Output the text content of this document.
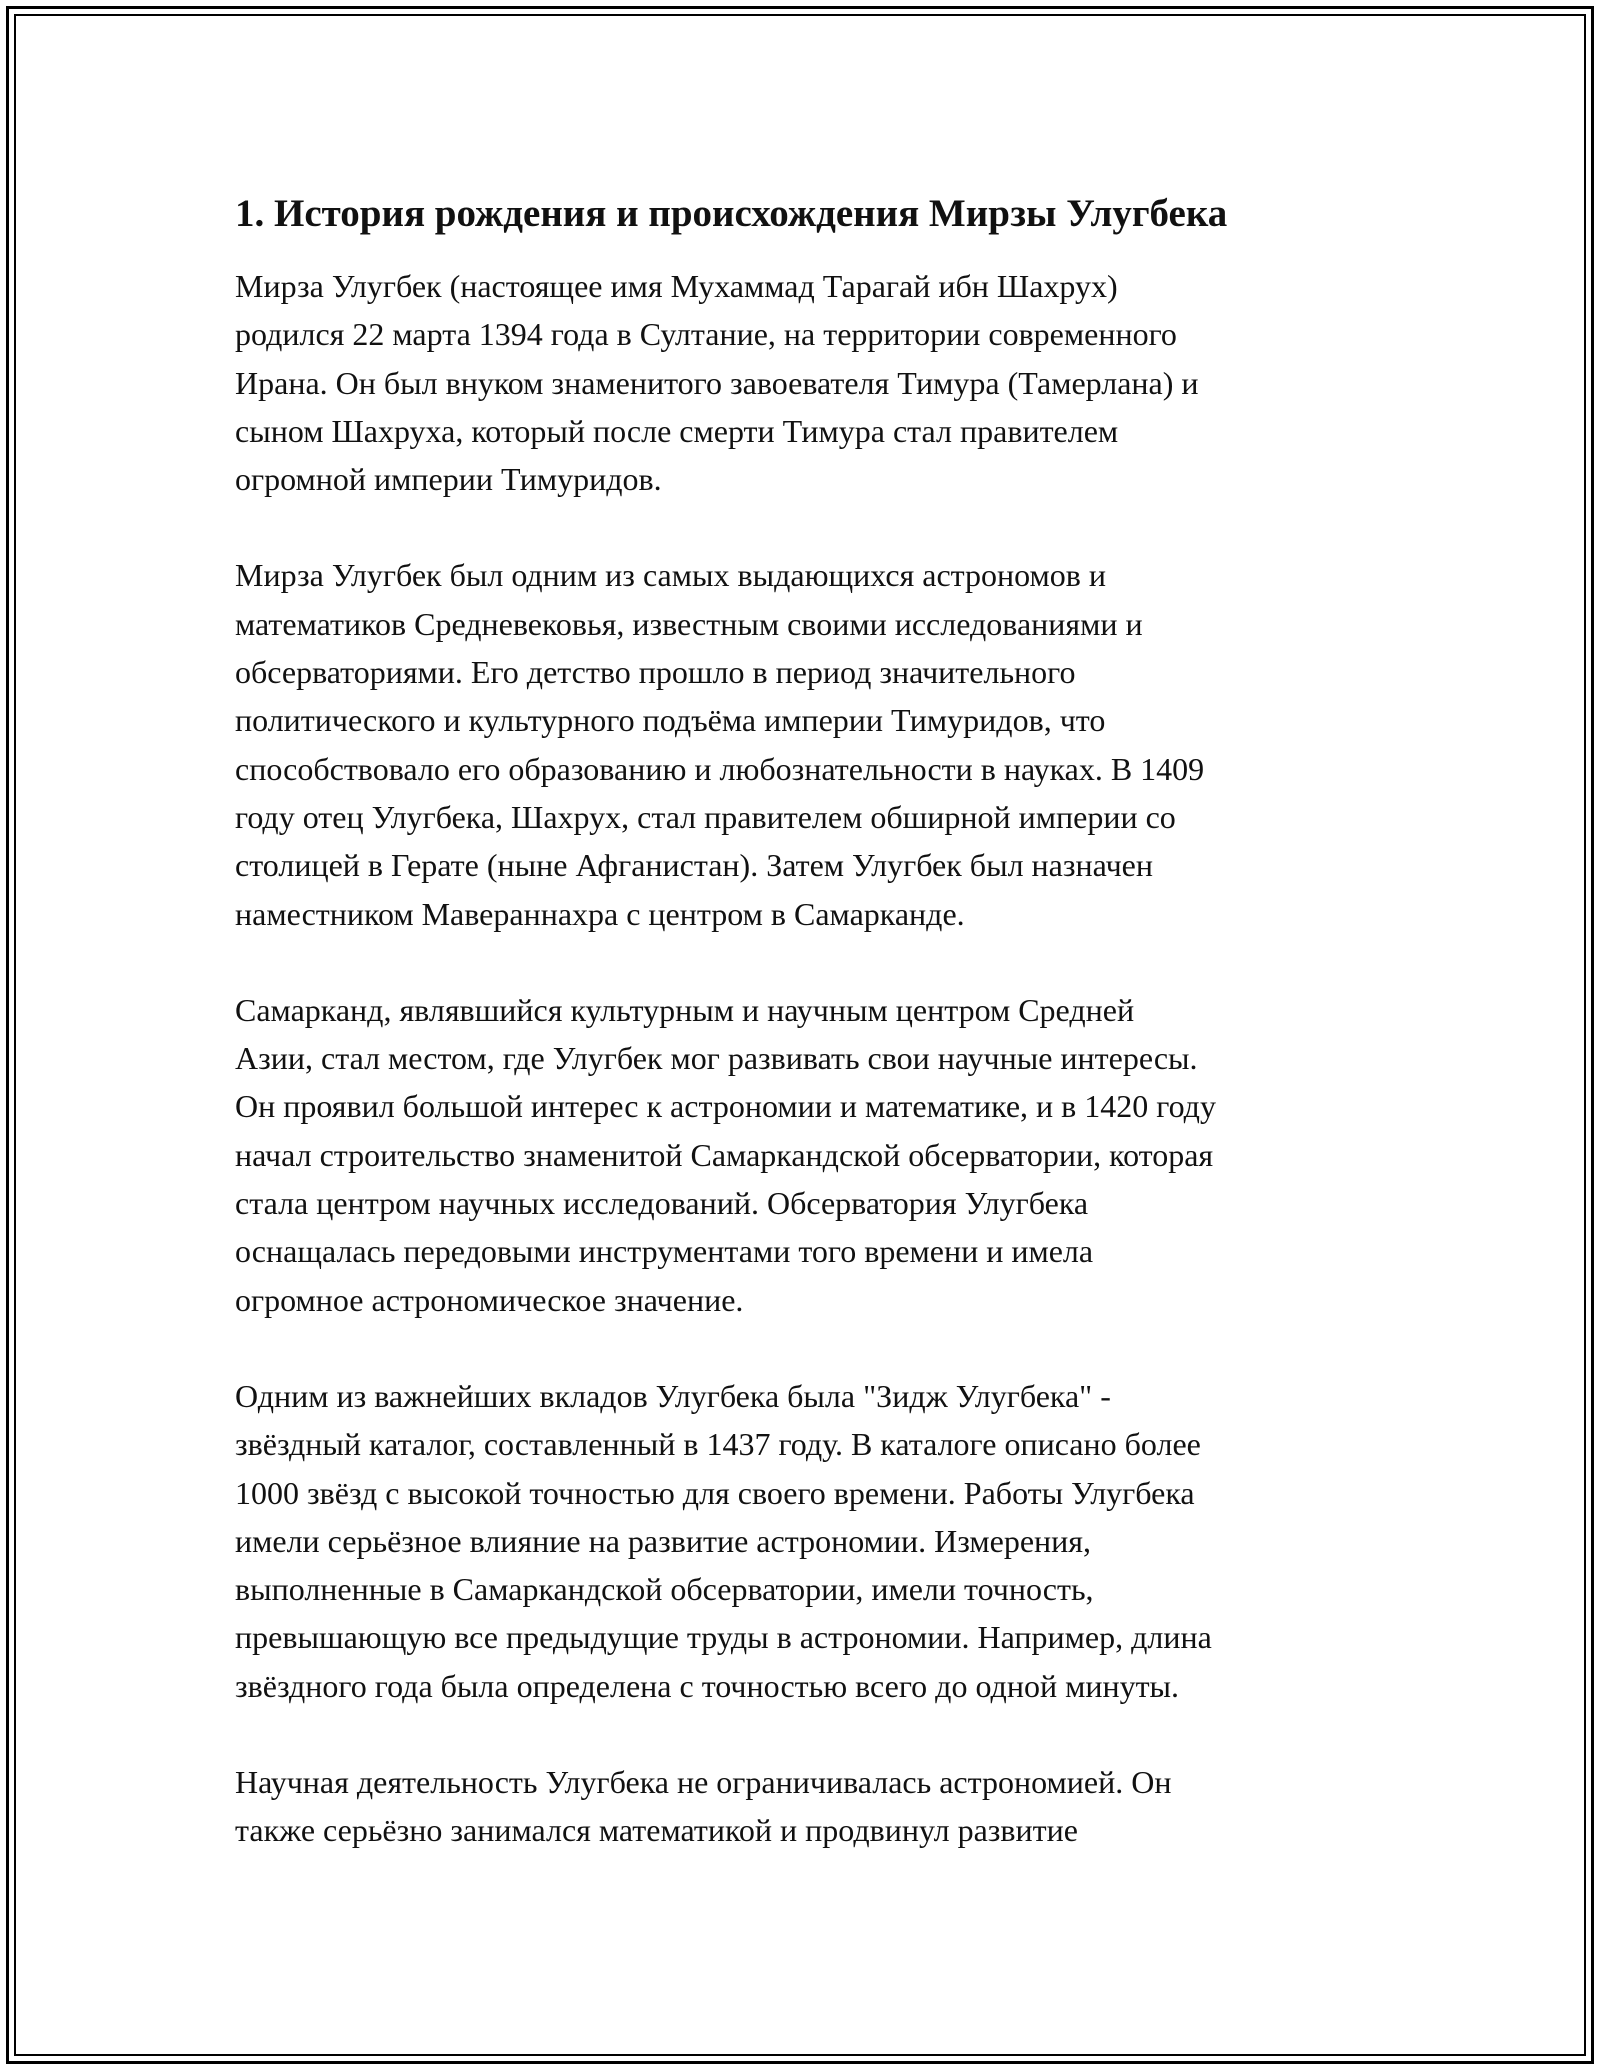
1. История рождения и происхождения Мирзы Улугбека

Мирза Улугбек (настоящее имя Мухаммад Тарагай ибн Шахрух)
родился 22 марта 1394 года в Султание, на территории современного
Ирана. Он был внуком знаменитого завоевателя Тимура (Тамерлана) и
сыном Шахруха, который после смерти Тимура стал правителем
огромной империи Тимуридов.

Мирза Улугбек был одним из самых выдающихся астрономов и
математиков Средневековья, известным своими исследованиями и
обсерваториями. Его детство прошло в период значительного
политического и культурного подъёма империи Тимуридов, что
способствовало его образованию и любознательности в науках. В 1409
году отец Улугбека, Шахрух, стал правителем обширной империи со
столицей в Герате (ныне Афганистан). Затем Улугбек был назначен
наместником Мавераннахра с центром в Самарканде.

Самарканд, являвшийся культурным и научным центром Средней
Азии, стал местом, где Улугбек мог развивать свои научные интересы.
Он проявил большой интерес к астрономии и математике, и в 1420 году
начал строительство знаменитой Самаркандской обсерватории, которая
стала центром научных исследований. Обсерватория Улугбека
оснащалась передовыми инструментами того времени и имела
огромное астрономическое значение.

Одним из важнейших вкладов Улугбека была "Зидж Улугбека" -
звёздный каталог, составленный в 1437 году. В каталоге описано более
1000 звёзд с высокой точностью для своего времени. Работы Улугбека
имели серьёзное влияние на развитие астрономии. Измерения,
выполненные в Самаркандской обсерватории, имели точность,
превышающую все предыдущие труды в астрономии. Например, длина
звёздного года была определена с точностью всего до одной минуты.

Научная деятельность Улугбека не ограничивалась астрономией. Он
также серьёзно занимался математикой и продвинул развитие
